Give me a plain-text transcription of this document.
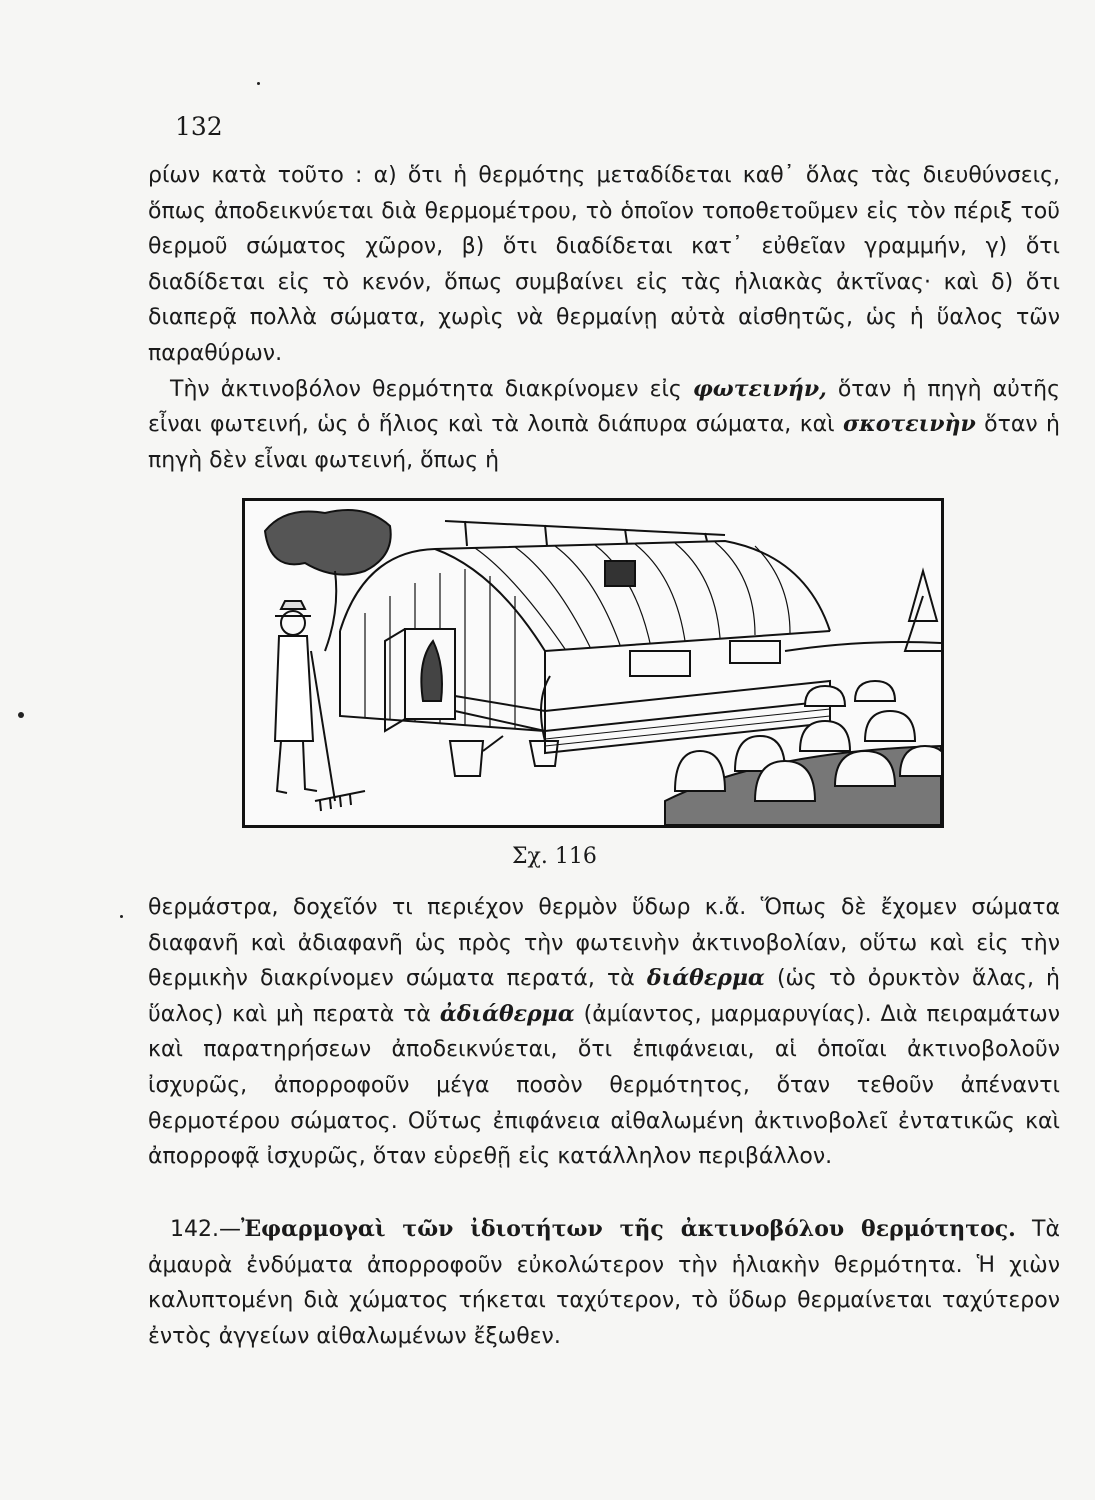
132

ρίων κατὰ τοῦτο : α) ὅτι ἡ θερμότης μεταδίδεται καθ᾽ ὅλας τὰς διευθύνσεις, ὅπως ἀποδεικνύεται διὰ θερμομέτρου, τὸ ὁποῖον τοποθετοῦμεν εἰς τὸν πέριξ τοῦ θερμοῦ σώματος χῶρον, β) ὅτι διαδίδεται κατ᾽ εὐθεῖαν γραμμήν, γ) ὅτι διαδίδεται εἰς τὸ κενόν, ὅπως συμβαίνει εἰς τὰς ἡλιακὰς ἀκτῖνας· καὶ δ) ὅτι διαπερᾷ πολλὰ σώματα, χωρὶς νὰ θερμαίνῃ αὐτὰ αἰσθητῶς, ὡς ἡ ὕαλος τῶν παραθύρων.
Τὴν ἀκτινοβόλον θερμότητα διακρίνομεν εἰς φωτεινήν, ὅταν ἡ πηγὴ αὐτῆς εἶναι φωτεινή, ὡς ὁ ἥλιος καὶ τὰ λοιπὰ διάπυρα σώματα, καὶ σκοτεινὴν ὅταν ἡ πηγὴ δὲν εἶναι φωτεινή, ὅπως ἡ

Σχ. 116

θερμάστρα, δοχεῖόν τι περιέχον θερμὸν ὕδωρ κ.ἄ. Ὅπως δὲ ἔχομεν σώματα διαφανῆ καὶ ἀδιαφανῆ ὡς πρὸς τὴν φωτεινὴν ἀκτινοβολίαν, οὕτω καὶ εἰς τὴν θερμικὴν διακρίνομεν σώματα περατά, τὰ διάθερμα (ὡς τὸ ὀρυκτὸν ἅλας, ἡ ὕαλος) καὶ μὴ περατὰ τὰ ἀδιάθερμα (ἀμίαντος, μαρμαρυγίας). Διὰ πειραμάτων καὶ παρατηρήσεων ἀποδεικνύεται, ὅτι ἐπιφάνειαι, αἱ ὁποῖαι ἀκτινοβολοῦν ἰσχυρῶς, ἀπορροφοῦν μέγα ποσὸν θερμότητος, ὅταν τεθοῦν ἀπέναντι θερμοτέρου σώματος. Οὕτως ἐπιφάνεια αἰθαλωμένη ἀκτινοβολεῖ ἐντατικῶς καὶ ἀπορροφᾷ ἰσχυρῶς, ὅταν εὑρεθῇ εἰς κατάλληλον περιβάλλον.

142.—Ἐφαρμογαὶ τῶν ἰδιοτήτων τῆς ἀκτινοβόλου θερμότητος. Τὰ ἀμαυρὰ ἐνδύματα ἀπορροφοῦν εὐκολώτερον τὴν ἡλιακὴν θερμότητα. Ἡ χιὼν καλυπτομένη διὰ χώματος τήκεται ταχύτερον, τὸ ὕδωρ θερμαίνεται ταχύτερον ἐντὸς ἀγγείων αἰθαλωμένων ἔξωθεν.
